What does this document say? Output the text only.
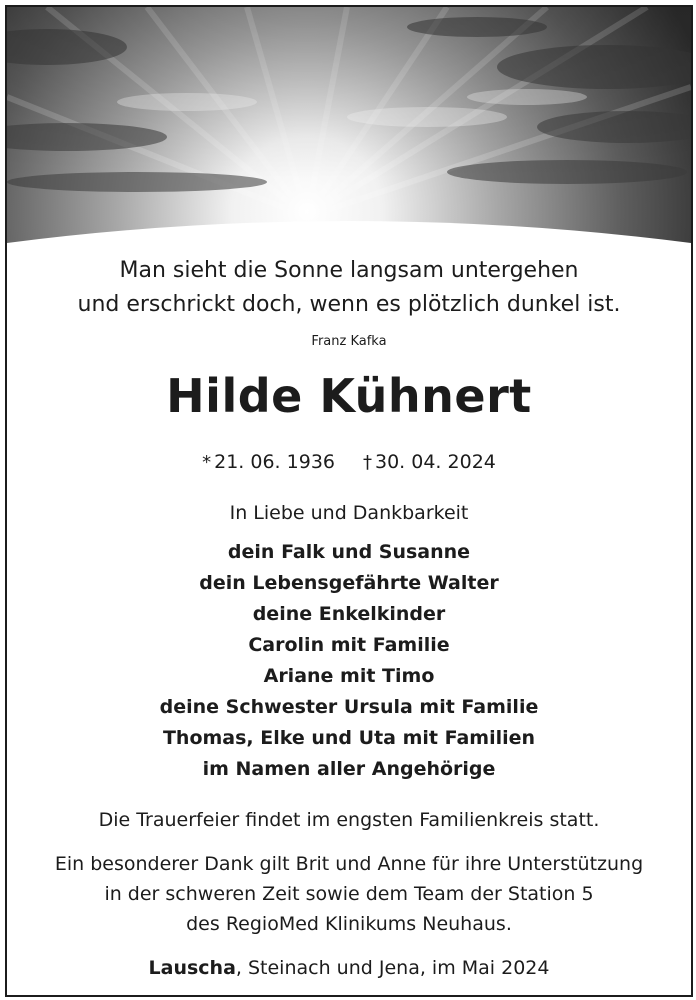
Man sieht die Sonne langsam untergehen
und erschrickt doch, wenn es plötzlich dunkel ist.
Franz Kafka
Hilde Kühnert
* 21. 06. 1936 † 30. 04. 2024
In Liebe und Dankbarkeit
dein Falk und Susanne
dein Lebensgefährte Walter
deine Enkelkinder
Carolin mit Familie
Ariane mit Timo
deine Schwester Ursula mit Familie
Thomas, Elke und Uta mit Familien
im Namen aller Angehörige
Die Trauerfeier findet im engsten Familienkreis statt.
Ein besonderer Dank gilt Brit und Anne für ihre Unterstützung
in der schweren Zeit sowie dem Team der Station 5
des RegioMed Klinikums Neuhaus.
Lauscha, Steinach und Jena, im Mai 2024
